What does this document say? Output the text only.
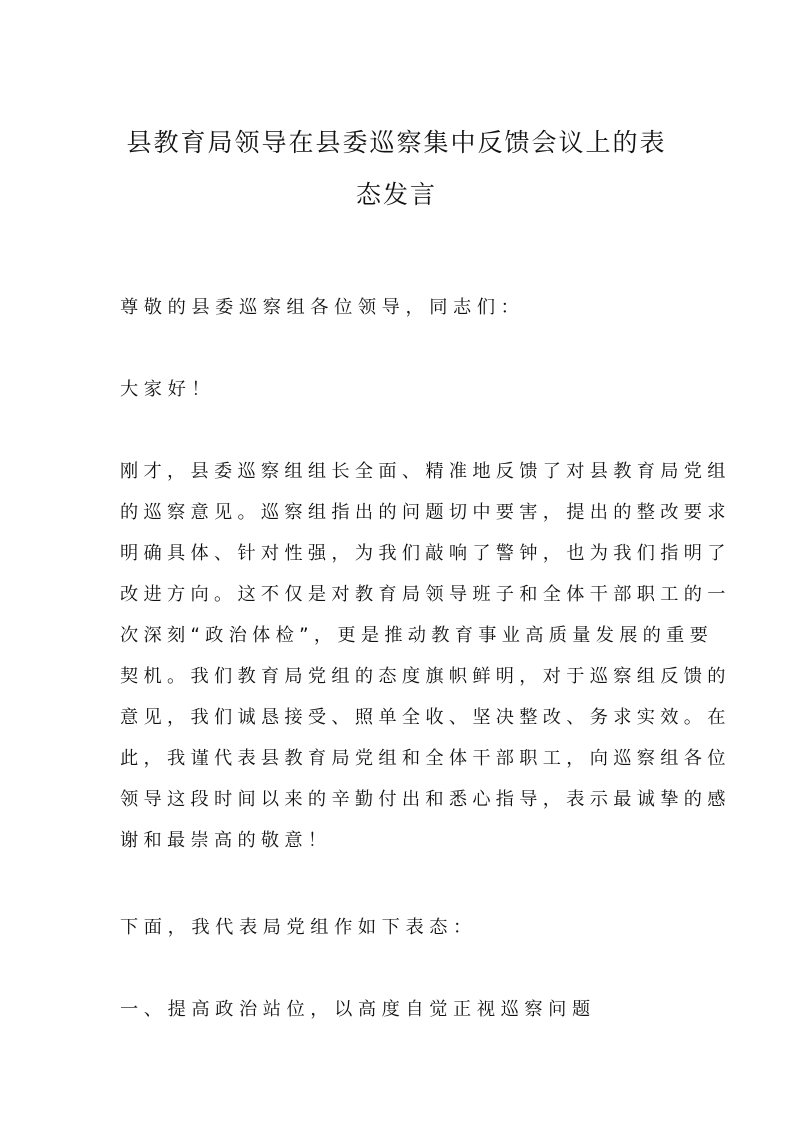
县教育局领导在县委巡察集中反馈会议上的表
态发言
尊敬的县委巡察组各位领导，同志们：
大家好！
刚才，县委巡察组组长全面、精准地反馈了对县教育局党组
的巡察意见。巡察组指出的问题切中要害，提出的整改要求
明确具体、针对性强，为我们敲响了警钟，也为我们指明了
改进方向。这不仅是对教育局领导班子和全体干部职工的一
次深刻“政治体检”，更是推动教育事业高质量发展的重要
契机。我们教育局党组的态度旗帜鲜明，对于巡察组反馈的
意见，我们诚恳接受、照单全收、坚决整改、务求实效。在
此，我谨代表县教育局党组和全体干部职工，向巡察组各位
领导这段时间以来的辛勤付出和悉心指导，表示最诚挚的感
谢和最崇高的敬意！
下面，我代表局党组作如下表态：
一、提高政治站位，以高度自觉正视巡察问题
